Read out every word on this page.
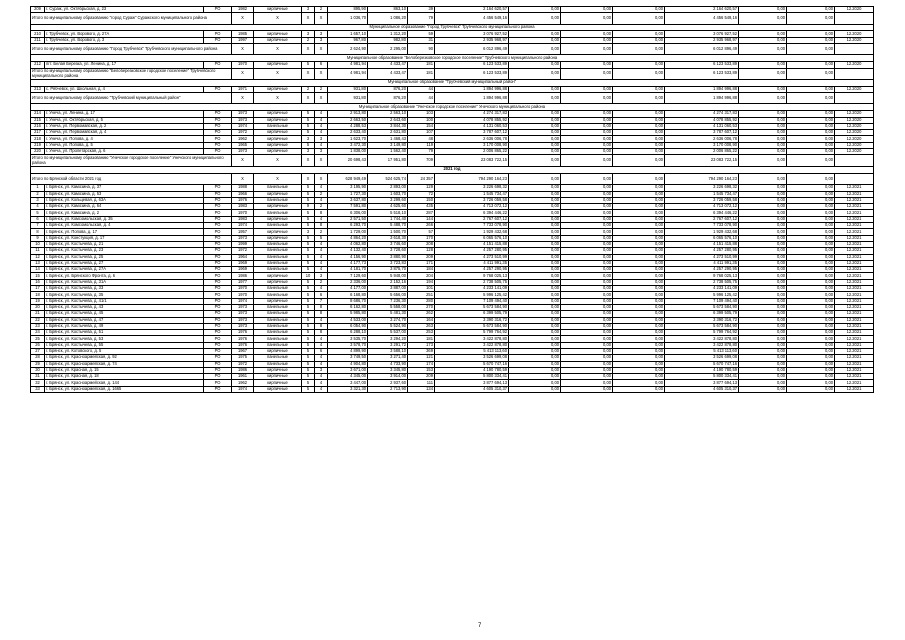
209	г. Сураж, ул. Октябрьская, д. 23	РО	1982	кирпичные	3	2	895,90	863,10	39	2 164 620,57	0,00	0,00	0,00	2 164 620,57	0,00	0,00	12.2020
Итого по муниципальному образованию "город Сураж" Суражского муниципального района			X	X	X	X	1 036,70	1 086,20	79	4 456 549,16	0,00	0,00	0,00	4 456 549,16	0,00	0,00	
Муниципальное образование "Город Трубчевск" Трубчевского муниципального района																	
210	г. Трубчевск, ул. Ворового, д. 27А	РО	1985	кирпичные	3	3	1 657,10	1 312,20	59	3 076 927,52	0,00	0,00	0,00	3 076 927,52	0,00	0,00	12.2020
211	г. Трубчевск, ул. Ворового, д. 3	РО	1997	кирпичные	2	3	967,80	982,80	31	2 935 968,97	0,00	0,00	0,00	2 935 968,97	0,00	0,00	12.2020
Итого по муниципальному образованию "Город Трубчевск" Трубчевского муниципального района			X	X	X	X	2 624,90	2 295,00	90	6 012 896,49	0,00	0,00	0,00	6 012 896,49	0,00	0,00	
Муниципальное образование "Белоберезковское городское поселение" Трубчевского муниципального района																	
212	пгт. Белая Березка, ул. Ленина, д. 17	РО	1970	кирпичные	5	6	4 981,94	4 433,47	181	6 123 533,89	0,00	0,00	0,00	6 123 533,89	0,00	0,00	12.2020
Итого по муниципальному образованию "Белоберезковское городское поселение" Трубчевского муниципального района			X	X	X	X	4 981,94	4 433,47	181	6 123 533,89	0,00	0,00	0,00	6 123 533,89	0,00	0,00	
Муниципальное образование "Трубчевский муниципальный район"																	
213	с. Рябчевск, ул. Школьная, д. 4	РО	1971	кирпичные	2	2	931,80	876,20	44	1 894 996,88	0,00	0,00	0,00	1 894 996,88	0,00	0,00	12.2020
Итого по муниципальному образованию "Трубчевский муниципальный район"			X	X	X	X	931,80	876,20	44	1 894 996,88	0,00	0,00	0,00	1 894 996,88	0,00	0,00	
Муниципальное образование "Унечское городское поселение" Унечского муниципального района																	
214	г. Унеча, ул. Ленина, д. 17	РО	1973	кирпичные	5	4	2 913,80	2 563,10	103	4 274 317,83	0,00	0,00	0,00	4 274 317,83	0,00	0,00	12.2020
215	г. Унеча, ул. Октябрьская, д. 5	РО	1973	кирпичные	5	4	2 663,50	2 643,60	100	4 078 855,92	0,00	0,00	0,00	4 078 855,92	0,00	0,00	12.2020
216	г. Унеча, ул. Первомайская, д. 2	РО	1974	панельные	5	4	4 288,53	3 844,30	154	4 131 060,53	0,00	0,00	0,00	4 131 060,53	0,00	0,00	12.2020
217	г. Унеча, ул. Первомайская, д. 4	РО	1972	кирпичные	5	4	2 633,40	2 631,80	107	3 787 607,12	0,00	0,00	0,00	3 787 607,12	0,00	0,00	12.2020
218	г. Унеча, ул. Попова, д. 4	РО	1962	кирпичные	3	3	1 623,70	1 468,43	48	2 636 006,78	0,00	0,00	0,00	2 636 006,78	0,00	0,00	12.2020
219	г. Унеча, ул. Попова, д. 5	РО	1965	кирпичные	5	4	3 472,30	3 149,80	119	3 170 008,90	0,00	0,00	0,00	3 170 008,90	0,00	0,00	12.2020
220	г. Унеча, ул. Пролетарская, д. 6	РО	1973	кирпичные	3	3	1 838,00	1 562,40	79	2 006 865,22	0,00	0,00	0,00	2 006 865,22	0,00	0,00	12.2020
Итого по муниципальному образованию "Унечское городское поселение" Унечского муниципального района			X	X	X	X	20 698,43	17 951,80	709	23 083 722,15	0,00	0,00	0,00	23 083 722,15	0,00	0,00	
2021 год																	
Итого по Брянской области 2021 год			X	X	X	X	628 949,49	524 625,74	24 357	794 290 164,23	0,00	0,00	0,00	794 290 164,23	0,00	0,00	
1	г. Брянск, ул. Камозина, д. 37	РО	1988	панельные	5	4	3 195,90	2 893,00	129	3 226 698,32	0,00	0,00	0,00	3 226 698,32	0,00	0,00	12.2021
2	г. Брянск, ул. Камозина, д. 53	РО	1966	кирпичные	5	2	1 727,30	1 603,70	72	1 545 734,47	0,00	0,00	0,00	1 545 734,47	0,00	0,00	12.2021
3	г. Брянск, ул. Кольцевая, д. 63А	РО	1976	панельные	5	4	3 637,80	3 299,60	150	3 726 059,58	0,00	0,00	0,00	3 726 059,58	0,00	0,00	12.2021
4	г. Брянск, ул. Камозина, д. 64	РО	1983	кирпичные	9	2	7 591,80	4 625,60	435	4 713 072,12	0,00	0,00	0,00	4 713 072,12	0,00	0,00	12.2021
5	г. Брянск, ул. Камозина, д. 2	РО	1970	панельные	5	8	6 306,00	5 518,10	287	6 394 446,22	0,00	0,00	0,00	6 394 446,22	0,00	0,00	12.2021
6	г. Брянск, ул. Комсомольская, д. 35	РО	1983	кирпичные	5	4	2 571,50	1 744,40	144	2 767 607,12	0,00	0,00	0,00	2 767 607,12	0,00	0,00	12.2021
7	г. Брянск, ул. Комсомольская, д. 4	РО	1974	панельные	5	8	6 293,70	5 488,70	266	7 733 078,90	0,00	0,00	0,00	7 733 078,90	0,00	0,00	12.2021
8	г. Брянск, ул. Попова, д. 17	РО	1957	кирпичные	3	2	1 729,00	1 500,70	57	1 929 432,68	0,00	0,00	0,00	1 929 432,68	0,00	0,00	12.2021
9	г. Брянск, ул. Констукция, д. 17	РО	1973	кирпичные	5	5	4 864,20	3 618,30	170	6 065 576,10	0,00	0,00	0,00	6 065 576,10	0,00	0,00	12.2021
10	г. Брянск, ул. Костычева, д. 21	РО	1999	панельные	5	4	4 062,80	3 746,60	208	4 151 415,88	0,00	0,00	0,00	4 151 415,88	0,00	0,00	12.2021
11	г. Брянск, ул. Костычева, д. 23	РО	1972	панельные	5	4	4 132,40	3 728,60	128	4 257 280,95	0,00	0,00	0,00	4 257 280,95	0,00	0,00	12.2021
12	г. Брянск, ул. Костычева, д. 25	РО	1964	панельные	5	4	4 156,90	3 880,90	209	4 273 510,99	0,00	0,00	0,00	4 273 510,99	0,00	0,00	12.2021
13	г. Брянск, ул. Костычева, д. 27	РО	1969	панельные	5	4	4 177,73	3 723,83	171	4 411 991,35	0,00	0,00	0,00	4 411 991,35	0,00	0,00	12.2021
14	г. Брянск, ул. Костычева, д. 27А	РО	1969	панельные	5	4	4 181,70	3 875,70	184	4 257 290,95	0,00	0,00	0,00	4 257 290,95	0,00	0,00	12.2021
15	г. Брянск, ул. Брянского Фронта, д. 6	РО	1986	кирпичные	10	3	7 129,60	5 948,00	204	9 768 025,13	0,00	0,00	0,00	9 768 025,13	0,00	0,00	12.2021
16	г. Брянск, ул. Костычева, д. 31А	РО	1977	кирпичные	5	2	2 336,00	2 152,16	194	2 738 505,75	0,00	0,00	0,00	2 738 505,75	0,00	0,00	12.2021
17	г. Брянск, ул. Костычева, д. 33	РО	1970	панельные	5	4	4 177,00	3 887,00	101	4 233 141,09	0,00	0,00	0,00	4 233 141,09	0,00	0,00	12.2021
18	г. Брянск, ул. Костычева, д. 35	РО	1970	панельные	5	6	6 168,80	5 656,00	251	5 996 125,42	0,00	0,00	0,00	5 996 125,42	0,00	0,00	12.2021
19	г. Брянск, ул. Костычева, д. 41/1	РО	1974	кирпичные	5	7	8 686,70	7 236,30	280	7 109 494,40	0,00	0,00	0,00	7 109 494,40	0,00	0,00	12.2021
20	г. Брянск, ул. Костычева, д. 43	РО	1973	панельные	5	8	6 162,80	5 558,00	270	5 673 584,90	0,00	0,00	0,00	5 673 584,90	0,00	0,00	12.2021
21	г. Брянск, ул. Костычева, д. 45	РО	1973	панельные	5	8	5 985,80	5 481,30	262	6 399 505,79	0,00	0,00	0,00	6 399 505,79	0,00	0,00	12.2021
22	г. Брянск, ул. Костычева, д. 47	РО	1973	панельные	5	4	4 533,00	3 274,70	164	3 390 316,72	0,00	0,00	0,00	3 390 316,72	0,00	0,00	12.2021
23	г. Брянск, ул. Костычева, д. 49	РО	1973	панельные	5	8	6 054,90	5 524,90	263	5 673 584,90	0,00	0,00	0,00	5 673 584,90	0,00	0,00	12.2021
24	г. Брянск, ул. Костычева, д. 51	РО	1976	панельные	5	8	6 288,10	5 537,00	253	5 799 764,92	0,00	0,00	0,00	5 799 764,92	0,00	0,00	12.2021
25	г. Брянск, ул. Костычева, д. 53	РО	1976	панельные	5	4	3 535,70	3 294,20	181	3 422 878,80	0,00	0,00	0,00	3 422 878,80	0,00	0,00	12.2021
26	г. Брянск, ул. Костычева, д. 55	РО	1976	панельные	5	4	3 578,70	3 291,72	173	3 422 878,80	0,00	0,00	0,00	3 422 878,80	0,00	0,00	12.2021
27	г. Брянск, ул. Котовского, д. 5	РО	1967	кирпичные	5	6	4 899,90	3 588,10	369	5 413 113,60	0,00	0,00	0,00	5 413 113,60	0,00	0,00	12.2021
28	г. Брянск, ул. Красноармейская, д. 92	РО	1975	панельные	5	4	3 749,50	3 271,40	121	3 526 699,08	0,00	0,00	0,00	3 526 699,08	0,00	0,00	12.2021
29	г. Брянск, ул. Красноармейская, д. 74	РО	1972	панельные	5	4	4 904,80	4 733,90	174	5 670 747,16	0,00	0,00	0,00	5 670 747,16	0,00	0,00	12.2021
30	г. Брянск, ул. Красная, д. 15	РО	1986	кирпичные	5	3	3 671,00	3 345,80	153	4 190 780,59	0,00	0,00	0,00	4 190 780,59	0,00	0,00	12.2021
31	г. Брянск, ул. Красная, д. 18	РО	1961	кирпичные	5	4	4 345,00	3 914,00	209	5 800 334,41	0,00	0,00	0,00	5 800 334,41	0,00	0,00	12.2021
32	г. Брянск, ул. Красноармейская, д. 144	РО	1962	кирпичные	5	4	3 447,00	2 937,60	111	3 877 694,13	0,00	0,00	0,00	3 877 694,13	0,00	0,00	12.2021
33	г. Брянск, ул. Красноармейская, д. 1665	РО	1974	кирпичные	5	4	3 321,30	2 713,90	134	4 605 310,37	0,00	0,00	0,00	4 605 310,37	0,00	0,00	12.2021
7
